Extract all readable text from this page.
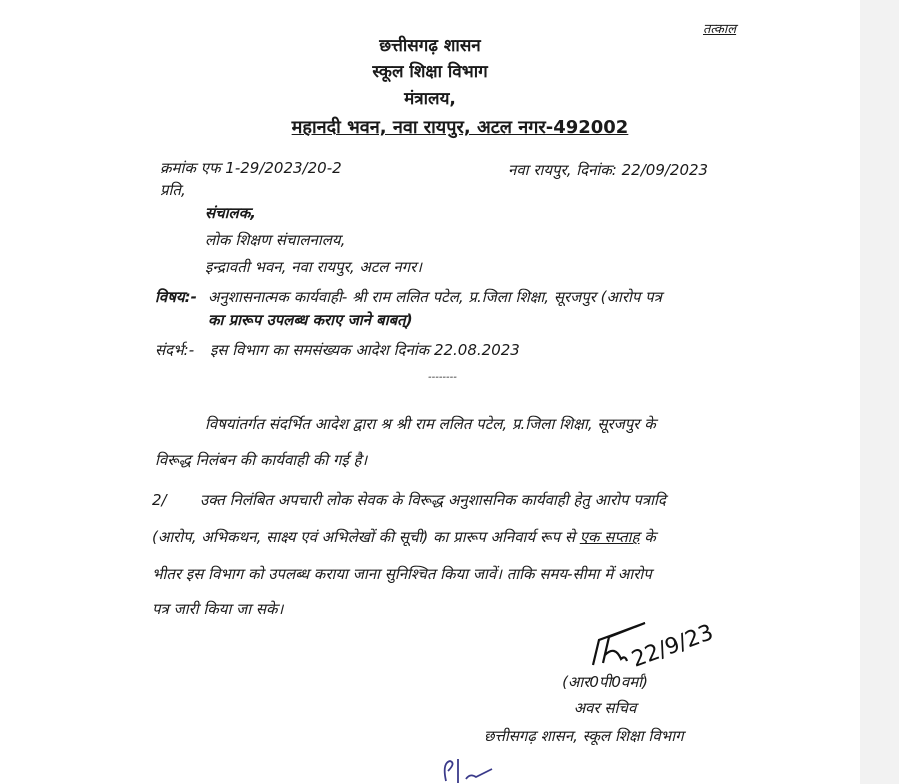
तत्काल
छत्तीसगढ़ शासन
स्कूल शिक्षा विभाग
मंत्रालय,
महानदी भवन, नवा रायपुर, अटल नगर-492002
क्रमांक एफ 1-29/2023/20-2	नवा रायपुर, दिनांक: 22/09/2023
प्रति,
संचालक,
लोक शिक्षण संचालनालय,
इन्द्रावती भवन, नवा रायपुर, अटल नगर।
विषय:- अनुशासनात्मक कार्यवाही- श्री राम ललित पटेल, प्र.जिला शिक्षा, सूरजपुर (आरोप पत्र
का प्रारूप उपलब्ध कराए जाने बाबत्)
संदर्भ:- इस विभाग का समसंख्यक आदेश दिनांक 22.08.2023
--------
विषयांतर्गत संदर्भित आदेश द्वारा श्र श्री राम ललित पटेल, प्र.जिला शिक्षा, सूरजपुर के
विरूद्ध निलंबन की कार्यवाही की गई है।
2/ उक्त निलंबित अपचारी लोक सेवक के विरूद्ध अनुशासनिक कार्यवाही हेतु आरोप पत्रादि
(आरोप, अभिकथन, साक्ष्य एवं अभिलेखों की सूची) का प्रारूप अनिवार्य रूप से एक सप्ताह के
भीतर इस विभाग को उपलब्ध कराया जाना सुनिश्चित किया जावें। ताकि समय-सीमा में आरोप
पत्र जारी किया जा सके।
22/9/23
(आर0पी0वर्मा)
अवर सचिव
छत्तीसगढ़ शासन, स्कूल शिक्षा विभाग
